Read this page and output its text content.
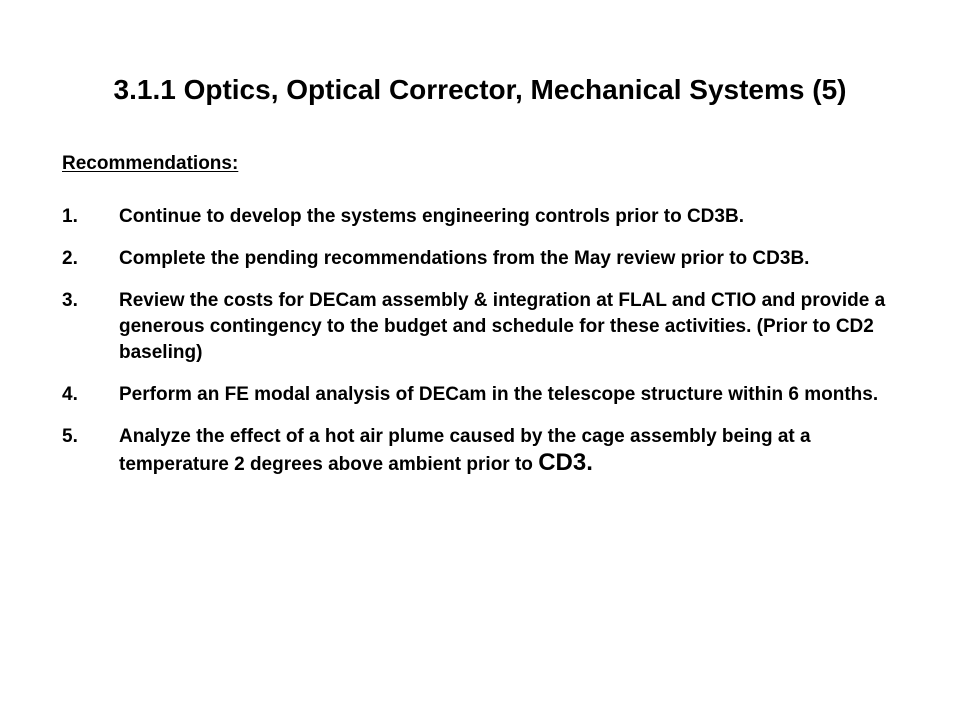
3.1.1 Optics, Optical Corrector, Mechanical Systems (5)
Recommendations:
1.	Continue to develop the systems engineering controls prior to CD3B.
2.	Complete the pending recommendations from the May review prior to CD3B.
3.	Review the costs for DECam assembly & integration at FLAL and CTIO and provide a generous contingency to the budget and schedule for these activities. (Prior to CD2 baseling)
4.	Perform an FE modal analysis of DECam in the telescope structure within 6 months.
5.	Analyze the effect of a hot air plume caused by the cage assembly being at a temperature 2 degrees above ambient prior to CD3.
